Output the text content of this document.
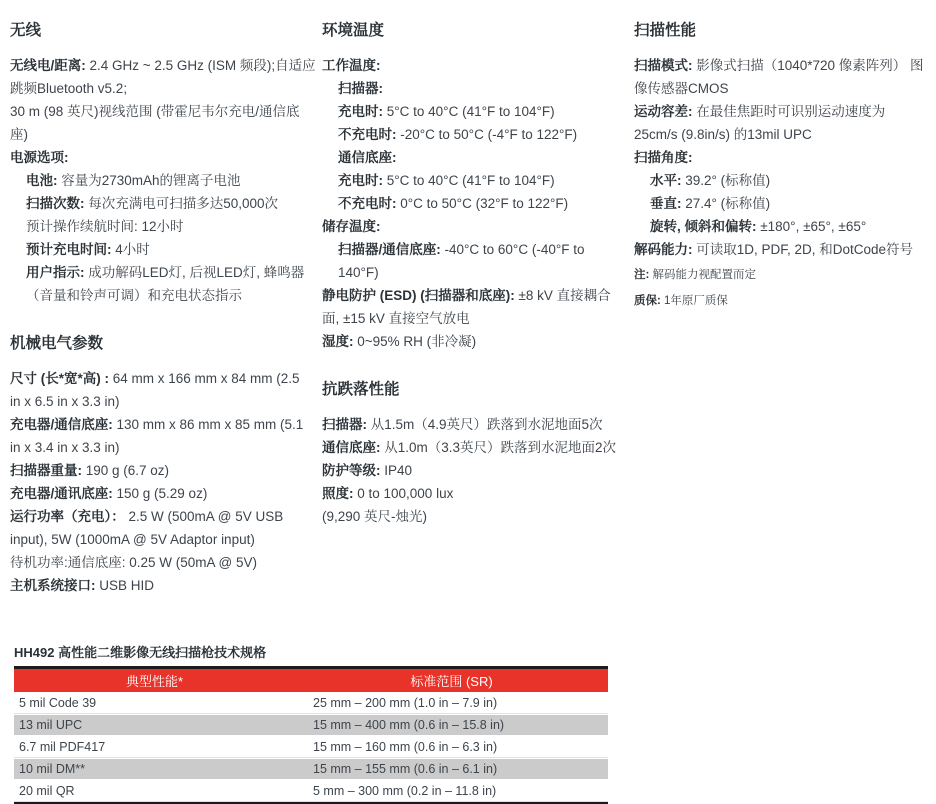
无线
无线电/距离: 2.4 GHz ~ 2.5 GHz (ISM 频段);自适应
跳频Bluetooth v5.2;
30 m (98 英尺)视线范围 (带霍尼韦尔充电/通信底
座)
电源选项:
电池: 容量为2730mAh的锂离子电池
扫描次数: 每次充满电可扫描多达50,000次
预计操作续航时间: 12小时
预计充电时间: 4小时
用户指示: 成功解码LED灯, 后视LED灯, 蜂鸣器
（音量和铃声可调）和充电状态指示
机械电气参数
尺寸 (长*宽*高) : 64 mm x 166 mm x 84 mm (2.5
in x 6.5 in x 3.3 in)
充电器/通信底座: 130 mm x 86 mm x 85 mm (5.1
in x 3.4 in x 3.3 in)
扫描器重量: 190 g (6.7 oz)
充电器/通讯底座: 150 g (5.29 oz)
运行功率（充电）： 2.5 W (500mA @ 5V USB
input), 5W (1000mA @ 5V Adaptor input)
待机功率:通信底座: 0.25 W (50mA @ 5V)
主机系统接口: USB HID
环境温度
工作温度:
扫描器:
充电时: 5°C to 40°C (41°F to 104°F)
不充电时: -20°C to 50°C (-4°F to 122°F)
通信底座:
充电时: 5°C to 40°C (41°F to 104°F)
不充电时: 0°C to 50°C (32°F to 122°F)
储存温度:
扫描器/通信底座: -40°C to 60°C (-40°F to
140°F)
静电防护 (ESD) (扫描器和底座): ±8 kV 直接耦合
面, ±15 kV 直接空气放电
湿度: 0~95% RH (非冷凝)
抗跌落性能
扫描器: 从1.5m（4.9英尺）跌落到水泥地面5次
通信底座: 从1.0m（3.3英尺）跌落到水泥地面2次
防护等级: IP40
照度: 0 to 100,000 lux
(9,290 英尺-烛光)
扫描性能
扫描模式: 影像式扫描（1040*720 像素阵列） 图
像传感器CMOS
运动容差: 在最佳焦距时可识别运动速度为
25cm/s (9.8in/s) 的13mil UPC
扫描角度:
水平: 39.2° (标称值)
垂直: 27.4° (标称值)
旋转, 倾斜和偏转: ±180°, ±65°, ±65°
解码能力: 可读取1D, PDF, 2D, 和DotCode符号
注: 解码能力视配置而定
质保: 1年原厂质保
HH492 高性能二维影像无线扫描枪技术规格
典型性能*	标准范围 (SR)
5 mil Code 39	25 mm – 200 mm (1.0 in – 7.9 in)
13 mil UPC	15 mm – 400 mm (0.6 in – 15.8 in)
6.7 mil PDF417	15 mm – 160 mm (0.6 in – 6.3 in)
10 mil DM**	15 mm – 155 mm (0.6 in – 6.1 in)
20 mil QR	5 mm – 300 mm (0.2 in – 11.8 in)
